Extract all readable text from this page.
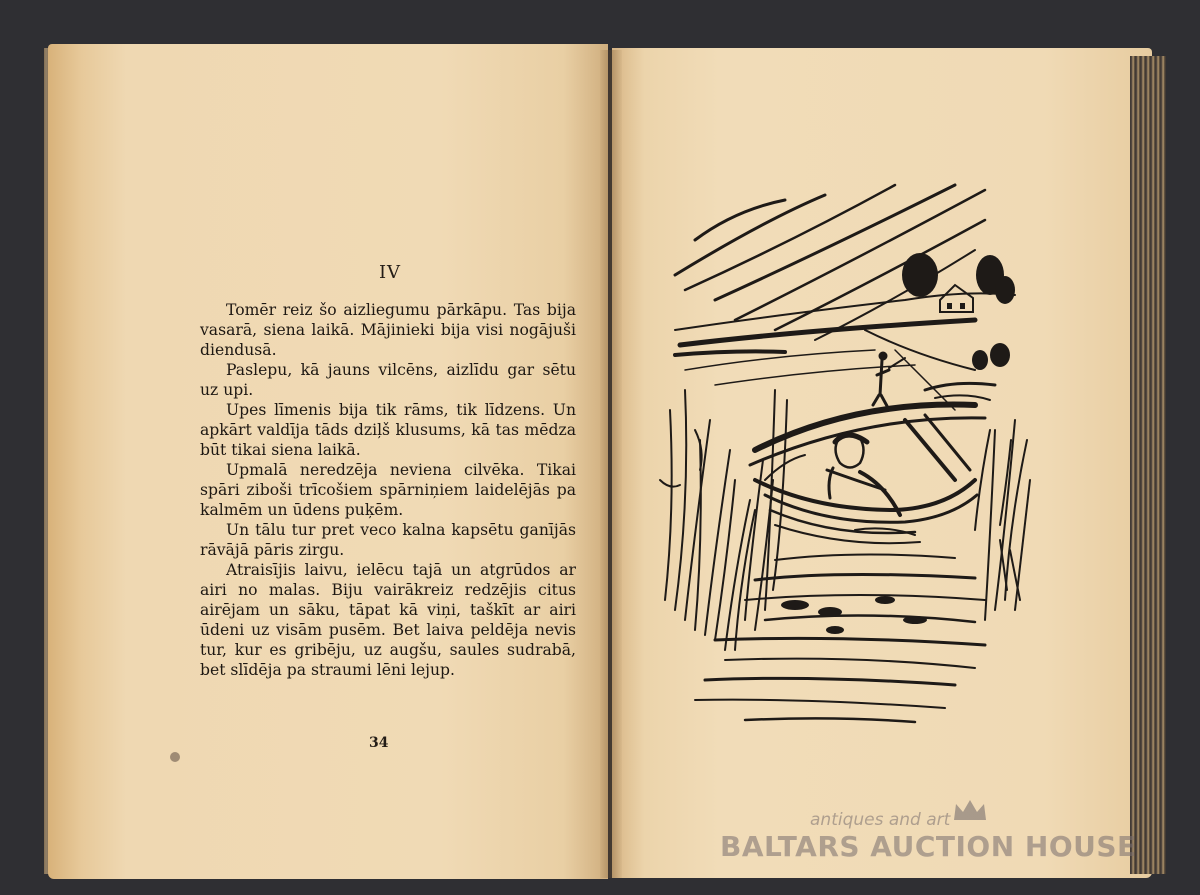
IV

Tomēr reiz šo aizliegumu pārkāpu. Tas bija vasarā, siena laikā. Mājinieki bija visi nogājuši diendusā.

Paslepu, kā jauns vilcēns, aizlīdu gar sētu uz upi.

Upes līmenis bija tik rāms, tik līdzens. Un apkārt valdīja tāds dziļš klusums, kā tas mēdza būt tikai siena laikā.

Upmalā neredzēja neviena cilvēka. Tikai spāri ziboši trīcošiem spārniņiem laidelējās pa kalmēm un ūdens puķēm.

Un tālu tur pret veco kalna kapsētu ganījās rāvājā pāris zirgu.

Atraisījis laivu, ielēcu tajā un atgrūdos ar airi no malas. Biju vairākreiz redzējis citus airējam un sāku, tāpat kā viņi, taškīt ar airi ūdeni uz visām pusēm. Bet laiva peldēja nevis tur, kur es gribēju, uz augšu, saules sudrabā, bet slīdēja pa straumi lēni lejup.

34
antiques and art
BALTARS AUCTION HOUSE
